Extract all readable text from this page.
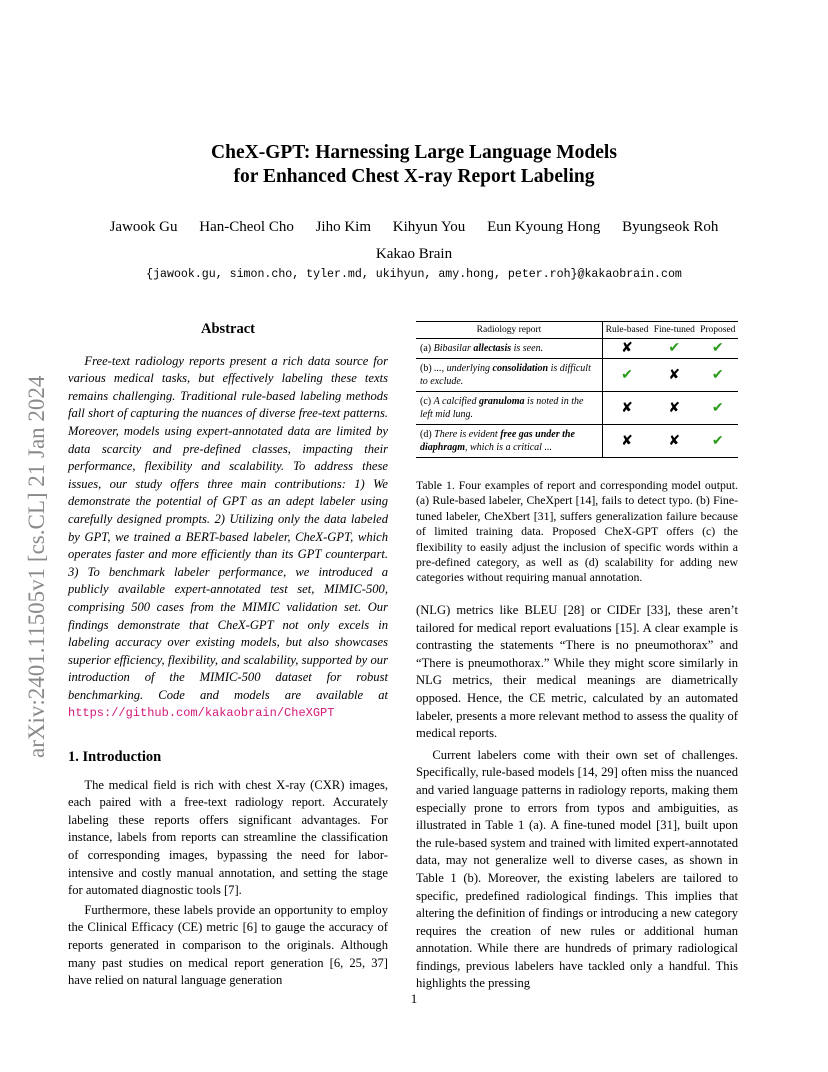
arXiv:2401.11505v1 [cs.CL] 21 Jan 2024
CheX-GPT: Harnessing Large Language Models
for Enhanced Chest X-ray Report Labeling
Jawook Gu Han-Cheol Cho Jiho Kim Kihyun You Eun Kyoung Hong Byungseok Roh
Kakao Brain
{jawook.gu, simon.cho, tyler.md, ukihyun, amy.hong, peter.roh}@kakaobrain.com
Abstract

Free-text radiology reports present a rich data source for various medical tasks, but effectively labeling these texts remains challenging. Traditional rule-based labeling methods fall short of capturing the nuances of diverse free-text patterns. Moreover, models using expert-annotated data are limited by data scarcity and pre-defined classes, impacting their performance, flexibility and scalability. To address these issues, our study offers three main contributions: 1) We demonstrate the potential of GPT as an adept labeler using carefully designed prompts. 2) Utilizing only the data labeled by GPT, we trained a BERT-based labeler, CheX-GPT, which operates faster and more efficiently than its GPT counterpart. 3) To benchmark labeler performance, we introduced a publicly available expert-annotated test set, MIMIC-500, comprising 500 cases from the MIMIC validation set. Our findings demonstrate that CheX-GPT not only excels in labeling accuracy over existing models, but also showcases superior efficiency, flexibility, and scalability, supported by our introduction of the MIMIC-500 dataset for robust benchmarking. Code and models are available at https://github.com/kakaobrain/CheXGPT

1. Introduction

The medical field is rich with chest X-ray (CXR) images, each paired with a free-text radiology report. Accurately labeling these reports offers significant advantages. For instance, labels from reports can streamline the classification of corresponding images, bypassing the need for labor-intensive and costly manual annotation, and setting the stage for automated diagnostic tools [7].

Furthermore, these labels provide an opportunity to employ the Clinical Efficacy (CE) metric [6] to gauge the accuracy of reports generated in comparison to the originals. Although many past studies on medical report generation [6, 25, 37] have relied on natural language generation

Radiology report	Rule-based	Fine-tuned	Proposed
(a) Bibasilar allectasis is seen.	✘	✔	✔
(b) ..., underlying consolidation is difficult to exclude.	✔	✘	✔
(c) A calcified granuloma is noted in the left mid lung.	✘	✘	✔
(d) There is evident free gas under the diaphragm, which is a critical ...	✘	✘	✔
Table 1. Four examples of report and corresponding model output. (a) Rule-based labeler, CheXpert [14], fails to detect typo. (b) Fine-tuned labeler, CheXbert [31], suffers generalization failure because of limited training data. Proposed CheX-GPT offers (c) the flexibility to easily adjust the inclusion of specific words within a pre-defined category, as well as (d) scalability for adding new categories without requiring manual annotation.

(NLG) metrics like BLEU [28] or CIDEr [33], these aren’t tailored for medical report evaluations [15]. A clear example is contrasting the statements “There is no pneumothorax” and “There is pneumothorax.” While they might score similarly in NLG metrics, their medical meanings are diametrically opposed. Hence, the CE metric, calculated by an automated labeler, presents a more relevant method to assess the quality of medical reports.

Current labelers come with their own set of challenges. Specifically, rule-based models [14, 29] often miss the nuanced and varied language patterns in radiology reports, making them especially prone to errors from typos and ambiguities, as illustrated in Table 1 (a). A fine-tuned model [31], built upon the rule-based system and trained with limited expert-annotated data, may not generalize well to diverse cases, as shown in Table 1 (b). Moreover, the existing labelers are tailored to specific, predefined radiological findings. This implies that altering the definition of findings or introducing a new category requires the creation of new rules or additional human annotation. While there are hundreds of primary radiological findings, previous labelers have tackled only a handful. This highlights the pressing

1
